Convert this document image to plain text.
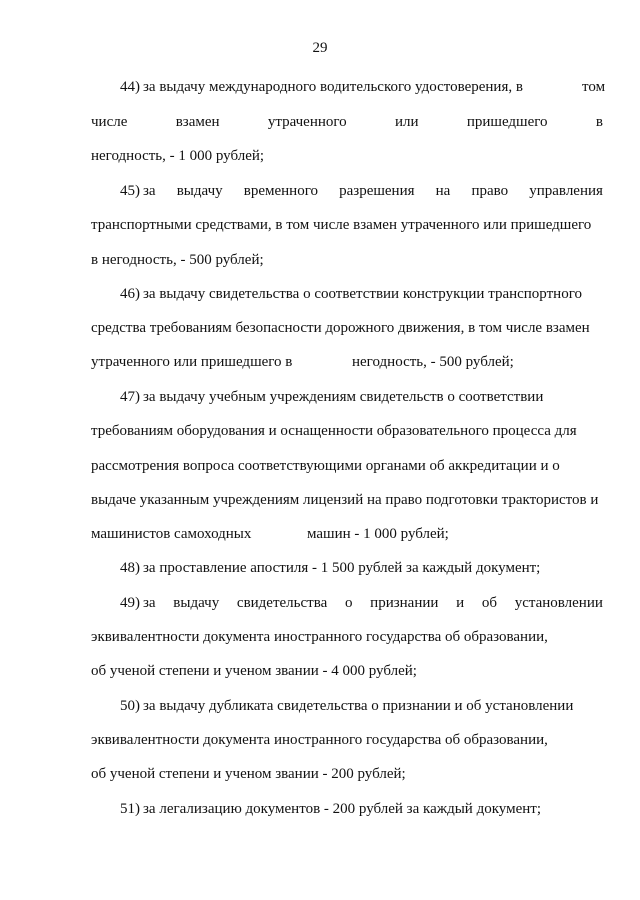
29
44) за выдачу международного водительского удостоверения, в	том
числе	взамен	утраченного	или	пришедшего	в
негодность, - 1 000 рублей;
45) за выдачу временного разрешения на право управления
транспортными средствами, в том числе взамен утраченного или пришедшего
в негодность, - 500 рублей;
46) за выдачу свидетельства о соответствии конструкции транспортного
средства требованиям безопасности дорожного движения, в том числе взамен
утраченного или пришедшего в	негодность, - 500 рублей;
47) за выдачу учебным учреждениям свидетельств о соответствии
требованиям оборудования и оснащенности образовательного процесса для
рассмотрения вопроса соответствующими органами об аккредитации и о
выдаче указанным учреждениям лицензий на право подготовки трактористов и
машинистов самоходных	машин - 1 000 рублей;
48) за проставление апостиля - 1 500 рублей за каждый документ;
49) за выдачу свидетельства о признании и об установлении
эквивалентности документа иностранного государства об образовании,
об ученой степени и ученом звании - 4 000 рублей;
50) за выдачу дубликата свидетельства о признании и об установлении
эквивалентности документа иностранного государства об образовании,
об ученой степени и ученом звании - 200 рублей;
51) за легализацию документов - 200 рублей за каждый документ;
